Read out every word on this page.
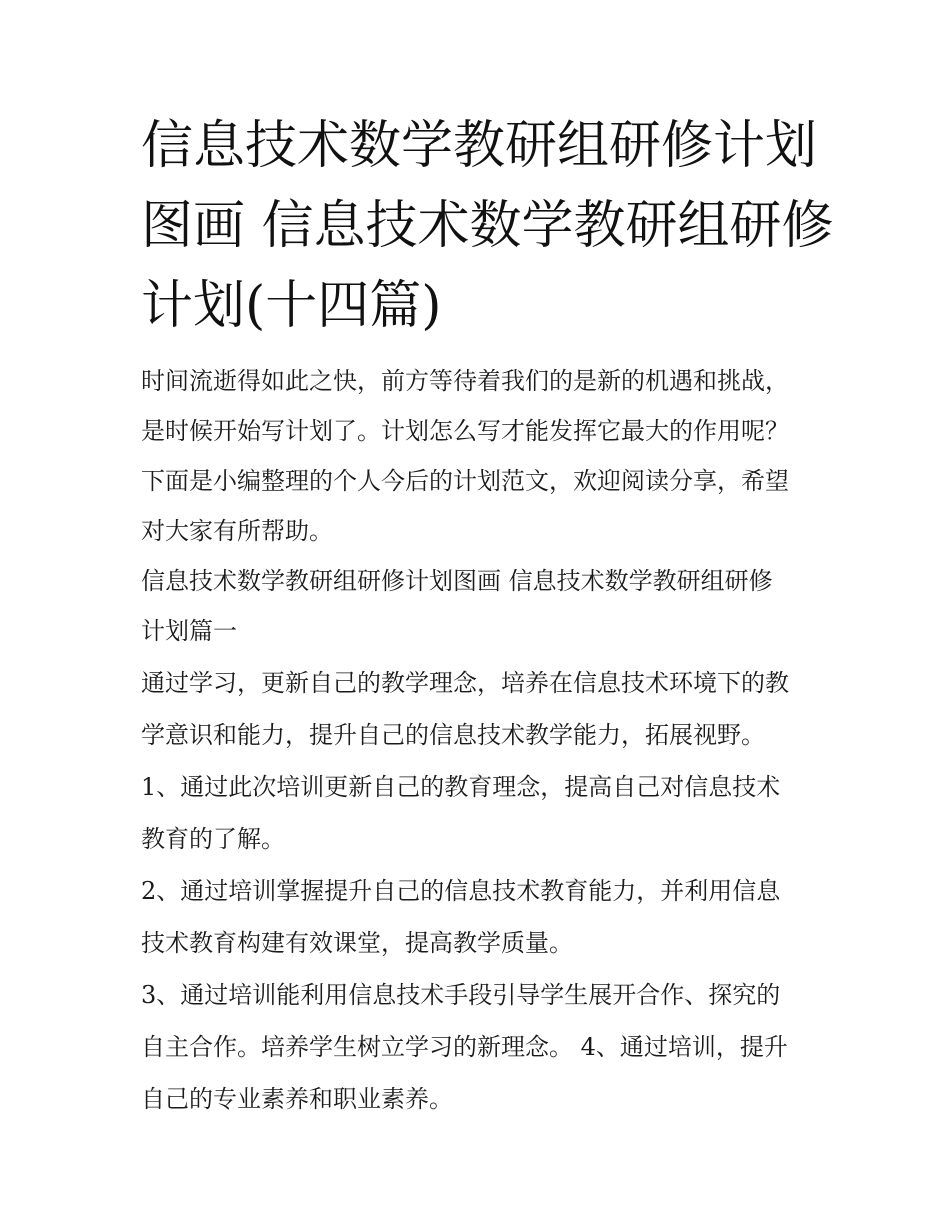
信息技术数学教研组研修计划
图画 信息技术数学教研组研修
计划(十四篇)
时间流逝得如此之快，前方等待着我们的是新的机遇和挑战，
是时候开始写计划了。计划怎么写才能发挥它最大的作用呢？
下面是小编整理的个人今后的计划范文，欢迎阅读分享，希望
对大家有所帮助。
信息技术数学教研组研修计划图画 信息技术数学教研组研修
计划篇一
通过学习，更新自己的教学理念，培养在信息技术环境下的教
学意识和能力，提升自己的信息技术教学能力，拓展视野。
1、通过此次培训更新自己的教育理念，提高自己对信息技术
教育的了解。
2、通过培训掌握提升自己的信息技术教育能力，并利用信息
技术教育构建有效课堂，提高教学质量。
3、通过培训能利用信息技术手段引导学生展开合作、探究的
自主合作。培养学生树立学习的新理念。 4、通过培训，提升
自己的专业素养和职业素养。
